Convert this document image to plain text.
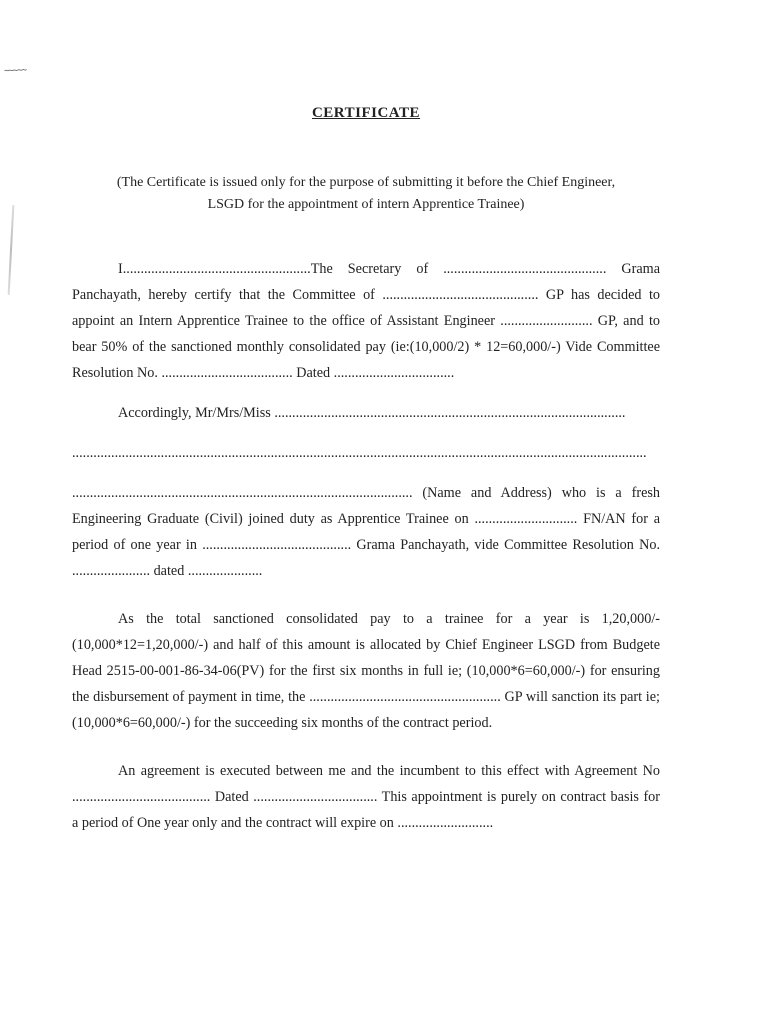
~~~~~
CERTIFICATE
(The Certificate is issued only for the purpose of submitting it before the Chief Engineer,
LSGD for the appointment of intern Apprentice Trainee)

I.....................................................The Secretary of .............................................. Grama Panchayath, hereby certify that the Committee of ............................................ GP has decided to appoint an Intern Apprentice Trainee to the office of Assistant Engineer .......................... GP, and to bear 50% of the sanctioned monthly consolidated pay (ie:(10,000/2) * 12=60,000/-) Vide Committee Resolution No. ..................................... Dated ..................................

Accordingly, Mr/Mrs/Miss ...................................................................................................
..................................................................................................................................................................

................................................................................................ (Name and Address) who is a fresh Engineering Graduate (Civil) joined duty as Apprentice Trainee on ............................. FN/AN for a period of one year in .......................................... Grama Panchayath, vide Committee Resolution No. ...................... dated .....................

As the total sanctioned consolidated pay to a trainee for a year is 1,20,000/- (10,000*12=1,20,000/-) and half of this amount is allocated by Chief Engineer LSGD from Budgete Head 2515-00-001-86-34-06(PV) for the first six months in full ie; (10,000*6=60,000/-) for ensuring the disbursement of payment in time, the ...................................................... GP will sanction its part ie; (10,000*6=60,000/-) for the succeeding six months of the contract period.

An agreement is executed between me and the incumbent to this effect with Agreement No ....................................... Dated ................................... This appointment is purely on contract basis for a period of One year only and the contract will expire on ...........................
